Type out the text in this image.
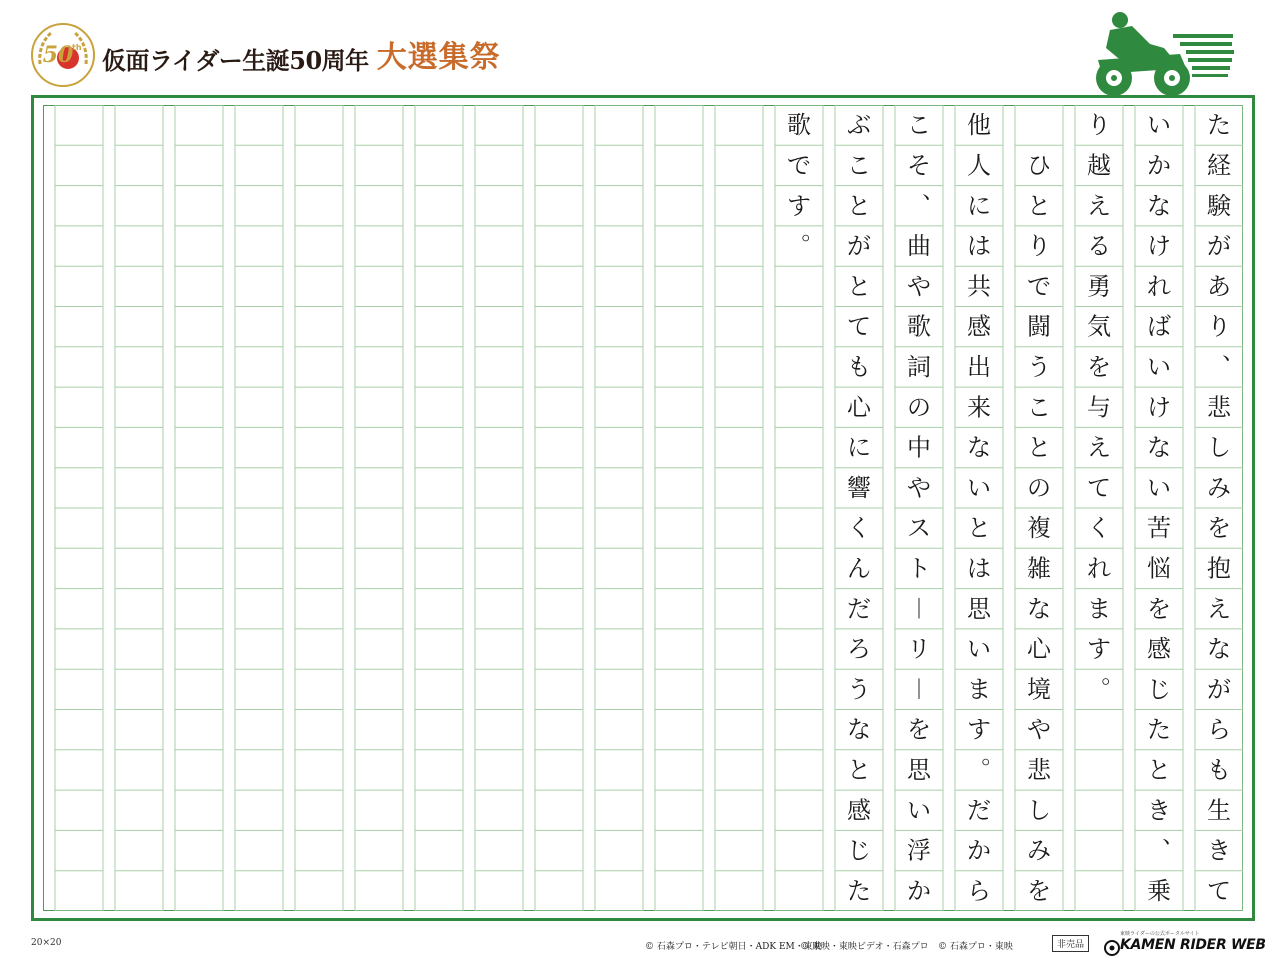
50
th 仮面ライダー生誕50周年 大選集祭
た
経
験
が
あ
り
︑
悲
し
み
を
抱
え
な
が
ら
も
生
き
て
い
か
な
け
れ
ば
い
け
な
い
苦
悩
を
感
じ
た
と
き
︑
乗
り
越
え
る
勇
気
を
与
え
て
く
れ
ま
す
︒
ひ
と
り
で
闘
う
こ
と
の
複
雑
な
心
境
や
悲
し
み
を
他
人
に
は
共
感
出
来
な
い
と
は
思
い
ま
す
︒
だ
か
ら
こ
そ
︑
曲
や
歌
詞
の
中
や
ス
ト
︱
リ
︱
を
思
い
浮
か
ぶ
こ
と
が
と
て
も
心
に
響
く
ん
だ
ろ
う
な
と
感
じ
た
歌
で
す
︒
20×20	© 石森プロ・テレビ朝日・ADK EM・東映
© 東映・東映ビデオ・石森プロ © 石森プロ・東映	非売品
東映ライダーの公式ポータルサイト
KAMEN RIDER WEB
